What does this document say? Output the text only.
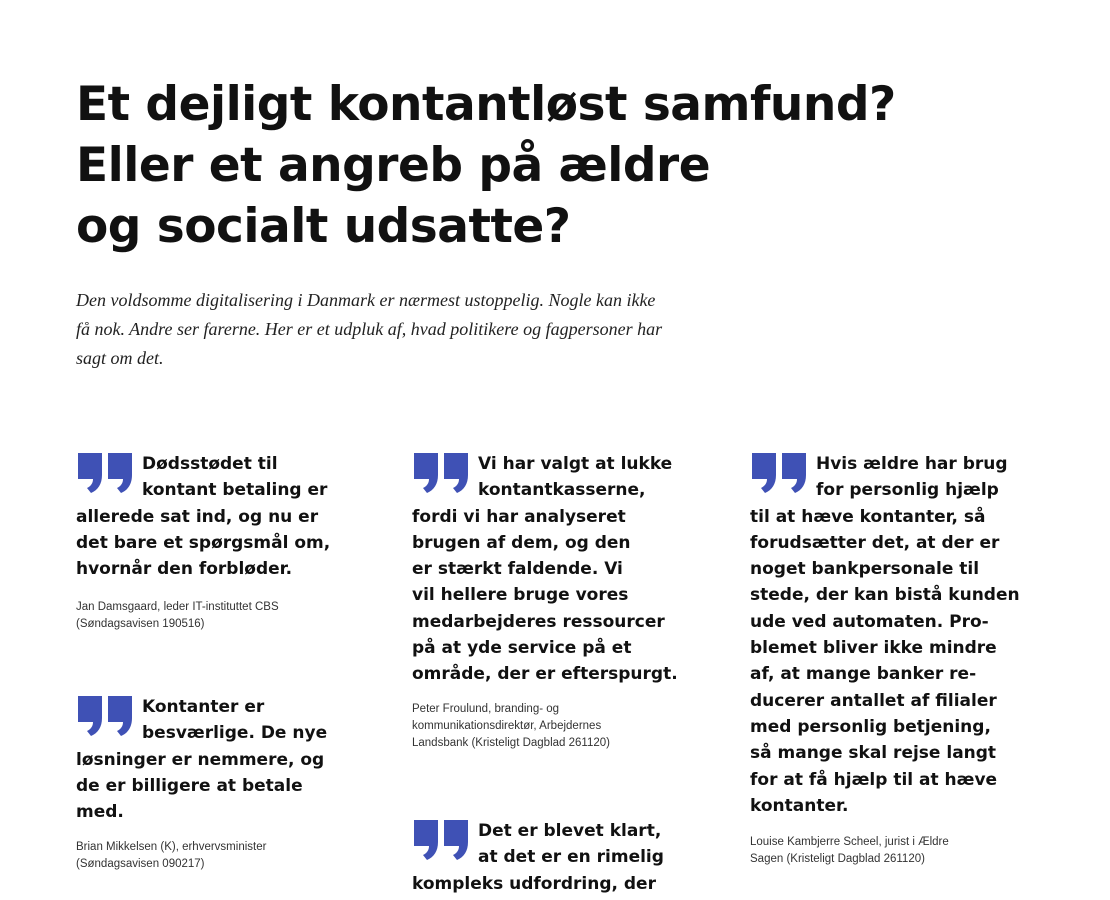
Et dejligt kontantløst samfund?
Eller et angreb på ældre
og socialt udsatte?

Den voldsomme digitalisering i Danmark er nærmest ustoppelig. Nogle kan ikke
få nok. Andre ser farerne. Her er et udpluk af, hvad politikere og fagpersoner har
sagt om det.

Dødsstødet til
kontant betaling er
allerede sat ind, og nu er
det bare et spørgsmål om,
hvornår den forbløder.

Jan Damsgaard, leder IT-instituttet CBS
(Søndagsavisen 190516)

Kontanter er
besværlige. De nye
løsninger er nemmere, og
de er billigere at betale
med.

Brian Mikkelsen (K), erhvervsminister
(Søndagsavisen 090217)

Vi har valgt at lukke
kontantkasserne,
fordi vi har analyseret
brugen af dem, og den
er stærkt faldende. Vi
vil hellere bruge vores
medarbejderes ressourcer
på at yde service på et
område, der er efterspurgt.

Peter Froulund, branding- og
kommunikationsdirektør, Arbejdernes
Landsbank (Kristeligt Dagblad 261120)

Det er blevet klart,
at det er en rimelig
kompleks udfordring, der

Hvis ældre har brug
for personlig hjælp
til at hæve kontanter, så
forudsætter det, at der er
noget bankpersonale til
stede, der kan bistå kunden
ude ved automaten. Pro-
blemet bliver ikke mindre
af, at mange banker re-
ducerer antallet af filialer
med personlig betjening,
så mange skal rejse langt
for at få hjælp til at hæve
kontanter.

Louise Kambjerre Scheel, jurist i Ældre
Sagen (Kristeligt Dagblad 261120)
